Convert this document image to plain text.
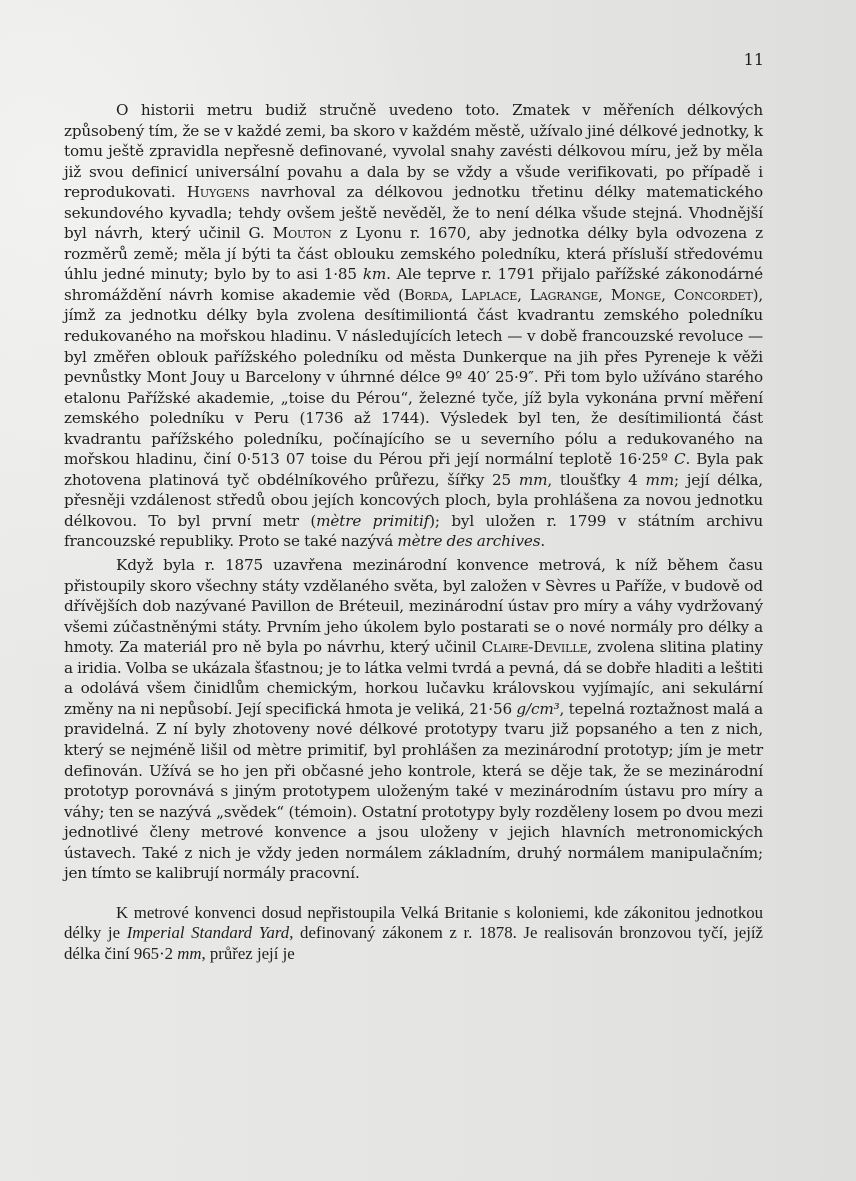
11

O historii metru budiž stručně uvedeno toto. Zmatek v měřeních délkových způsobený tím, že se v každé zemi, ba skoro v každém městě, užívalo jiné délkové jednotky, k tomu ještě zpravidla nepřesně definované, vyvolal snahy zavésti délkovou míru, jež by měla již svou definicí universální povahu a dala by se vždy a všude verifikovati, po případě i reprodukovati. Huygens navrhoval za délkovou jednotku třetinu délky matematického sekundového kyvadla; tehdy ovšem ještě nevěděl, že to není délka všude stejná. Vhodnější byl návrh, který učinil G. Mouton z Lyonu r. 1670, aby jednotka délky byla odvozena z rozměrů země; měla jí býti ta část oblouku zemského poledníku, která přísluší středovému úhlu jedné minuty; bylo by to asi 1·85 km. Ale teprve r. 1791 přijalo pařížské zákonodárné shromáždění návrh komise akademie věd (Borda, Laplace, Lagrange, Monge, Concordet), jímž za jednotku délky byla zvolena desítimiliontá část kvadrantu zemského poledníku redukovaného na mořskou hladinu. V následujících letech — v době francouzské revoluce — byl změřen oblouk pařížského poledníku od města Dunkerque na jih přes Pyreneje k věži pevnůstky Mont Jouy u Barcelony v úhrnné délce 9º 40′ 25·9″. Při tom bylo užíváno starého etalonu Pařížské akademie, „toise du Pérou“, železné tyče, jíž byla vykonána první měření zemského poledníku v Peru (1736 až 1744). Výsledek byl ten, že desítimiliontá část kvadrantu pařížského poledníku, počínajícího se u severního pólu a redukovaného na mořskou hladinu, činí 0·513 07 toise du Pérou při její normální teplotě 16·25º C. Byla pak zhotovena platinová tyč obdélníkového průřezu, šířky 25 mm, tloušťky 4 mm; její délka, přesněji vzdálenost středů obou jejích koncových ploch, byla prohlášena za novou jednotku délkovou. To byl první metr (mètre primitif); byl uložen r. 1799 v státním archivu francouzské republiky. Proto se také nazývá mètre des archives.

Když byla r. 1875 uzavřena mezinárodní konvence metrová, k níž během času přistoupily skoro všechny státy vzdělaného světa, byl založen v Sèvres u Paříže, v budově od dřívějších dob nazývané Pavillon de Bréteuil, mezinárodní ústav pro míry a váhy vydržovaný všemi zúčastněnými státy. Prvním jeho úkolem bylo postarati se o nové normály pro délky a hmoty. Za materiál pro ně byla po návrhu, který učinil Claire-Deville, zvolena slitina platiny a iridia. Volba se ukázala šťastnou; je to látka velmi tvrdá a pevná, dá se dobře hladiti a leštiti a odolává všem činidlům chemickým, horkou lučavku královskou vyjímajíc, ani sekulární změny na ni nepůsobí. Její specifická hmota je veliká, 21·56 g/cm³, tepelná roztažnost malá a pravidelná. Z ní byly zhotoveny nové délkové prototypy tvaru již popsaného a ten z nich, který se nejméně lišil od mètre primitif, byl prohlášen za mezinárodní prototyp; jím je metr definován. Užívá se ho jen při občasné jeho kontrole, která se děje tak, že se mezinárodní prototyp porovnává s jiným prototypem uloženým také v mezinárodním ústavu pro míry a váhy; ten se nazývá „svědek“ (témoin). Ostatní prototypy byly rozděleny losem po dvou mezi jednotlivé členy metrové konvence a jsou uloženy v jejich hlavních metronomických ústavech. Také z nich je vždy jeden normálem základním, druhý normálem manipulačním; jen tímto se kalibrují normály pracovní.

K metrové konvenci dosud nepřistoupila Velká Britanie s koloniemi, kde zákonitou jednotkou délky je Imperial Standard Yard, definovaný zákonem z r. 1878. Je realisován bronzovou tyčí, jejíž délka činí 965·2 mm, průřez její je
